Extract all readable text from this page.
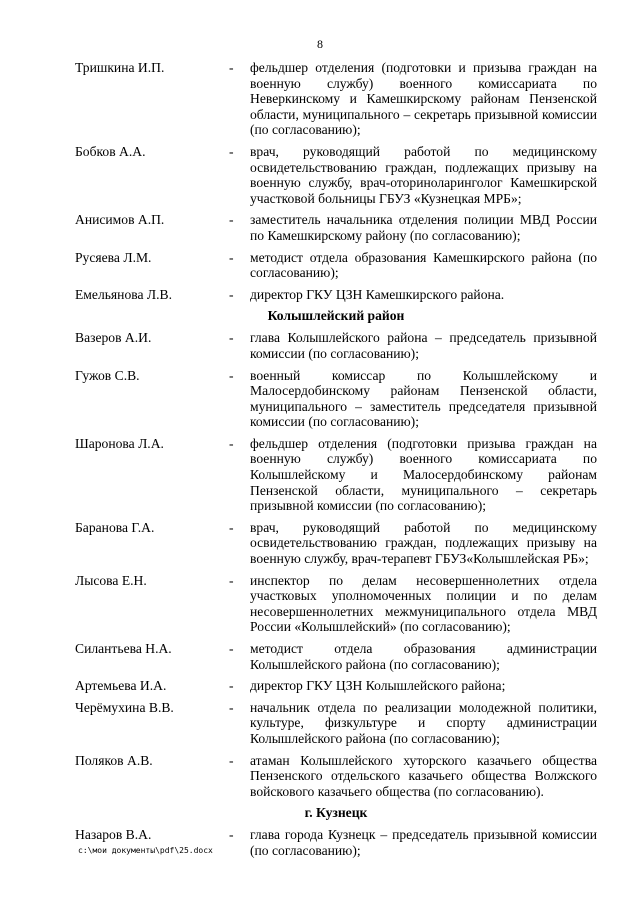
8
Тришкина И.П.	-	фельдшер отделения (подготовки и призыва граждан на военную службу) военного комиссариата по Неверкинскому и Камешкирскому районам Пензенской области, муниципального – секретарь призывной комиссии (по согласованию);
Бобков А.А.	-	врач, руководящий работой по медицинскому освидетельствованию граждан, подлежащих призыву на военную службу, врач-оториноларинголог Камешкирской участковой больницы ГБУЗ «Кузнецкая МРБ»;
Анисимов А.П.	-	заместитель начальника отделения полиции МВД России по Камешкирскому району (по согласованию);
Русяева Л.М.	-	методист отдела образования Камешкирского района (по согласованию);
Емельянова Л.В.	-	директор ГКУ ЦЗН Камешкирского района.
Колышлейский район
Вазеров А.И.	-	глава Колышлейского района – председатель призывной комиссии (по согласованию);
Гужов С.В.	-	военный комиссар по Колышлейскому и Малосердобинскому районам Пензенской области, муниципального – заместитель председателя призывной комиссии (по согласованию);
Шаронова Л.А.	-	фельдшер отделения (подготовки призыва граждан на военную службу) военного комиссариата по Колышлейскому и Малосердобинскому районам Пензенской области, муниципального – секретарь призывной комиссии (по согласованию);
Баранова Г.А.	-	врач, руководящий работой по медицинскому освидетельствованию граждан, подлежащих призыву на военную службу, врач-терапевт ГБУЗ«Колышлейская РБ»;
Лысова Е.Н.	-	инспектор по делам несовершеннолетних отдела участковых уполномоченных полиции и по делам несовершеннолетних межмуниципального отдела МВД России «Колышлейский» (по согласованию);
Силантьева Н.А.	-	методист отдела образования администрации Колышлейского района (по согласованию);
Артемьева И.А.	-	директор ГКУ ЦЗН Колышлейского района;
Черёмухина В.В.	-	начальник отдела по реализации молодежной политики, культуре, физкультуре и спорту администрации Колышлейского района (по согласованию);
Поляков А.В.	-	атаман Колышлейского хуторского казачьего общества Пензенского отдельского казачьего общества Волжского войскового казачьего общества (по согласованию).
г. Кузнецк
Назаров В.А.	-	глава города Кузнецк – председатель призывной комиссии (по согласованию);
c:\мои документы\pdf\25.docx
